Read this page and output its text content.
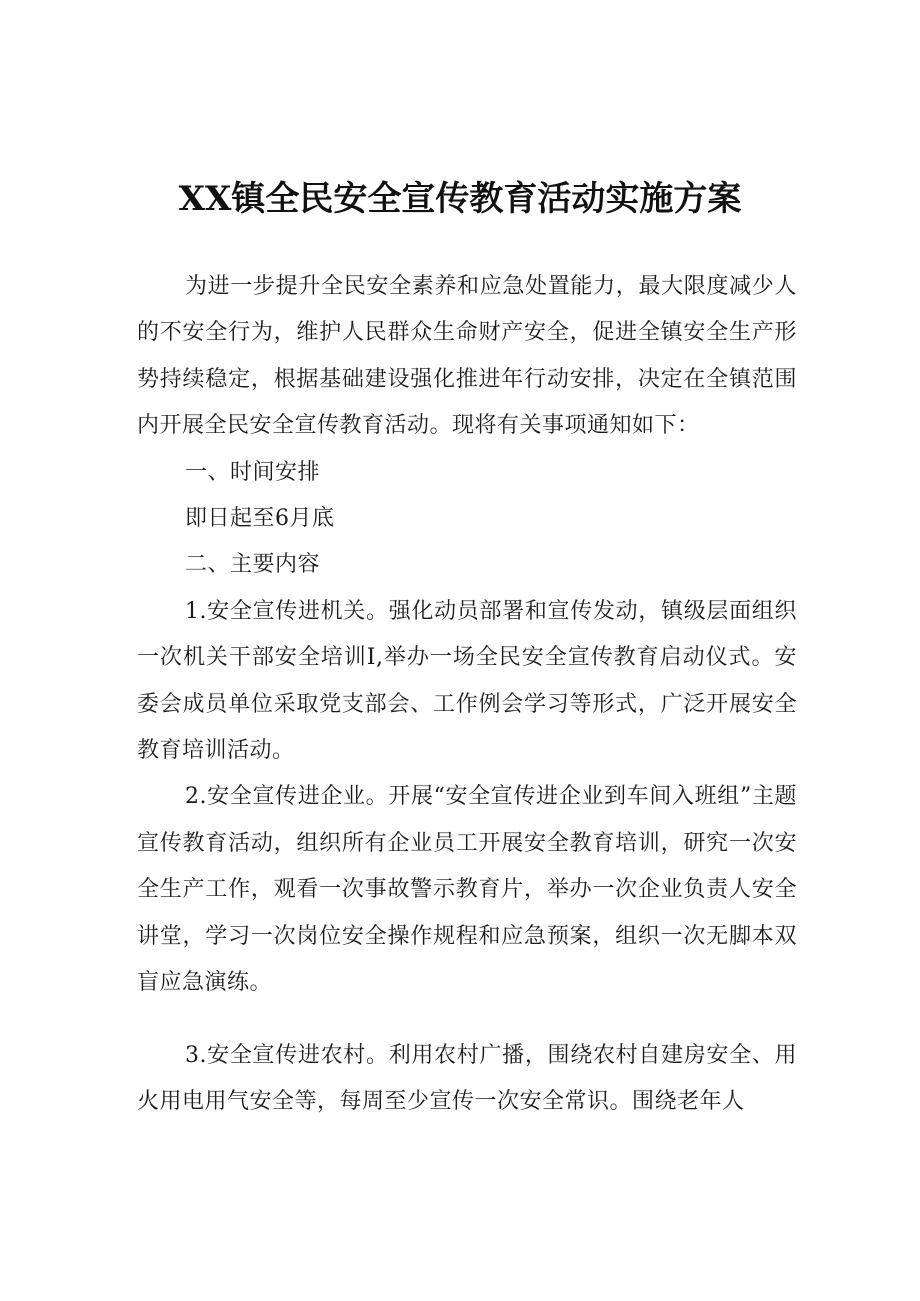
XX镇全民安全宣传教育活动实施方案

为进一步提升全民安全素养和应急处置能力，最大限度减少人的不安全行为，维护人民群众生命财产安全，促进全镇安全生产形势持续稳定，根据基础建设强化推进年行动安排，决定在全镇范围内开展全民安全宣传教育活动。现将有关事项通知如下：

一、时间安排

即日起至6月底

二、主要内容

1.安全宣传进机关。强化动员部署和宣传发动，镇级层面组织一次机关干部安全培训I,举办一场全民安全宣传教育启动仪式。安委会成员单位采取党支部会、工作例会学习等形式，广泛开展安全教育培训活动。

2.安全宣传进企业。开展“安全宣传进企业到车间入班组”主题宣传教育活动，组织所有企业员工开展安全教育培训，研究一次安全生产工作，观看一次事故警示教育片，举办一次企业负责人安全讲堂，学习一次岗位安全操作规程和应急预案，组织一次无脚本双盲应急演练。

3.安全宣传进农村。利用农村广播，围绕农村自建房安全、用火用电用气安全等，每周至少宣传一次安全常识。围绕老年人
